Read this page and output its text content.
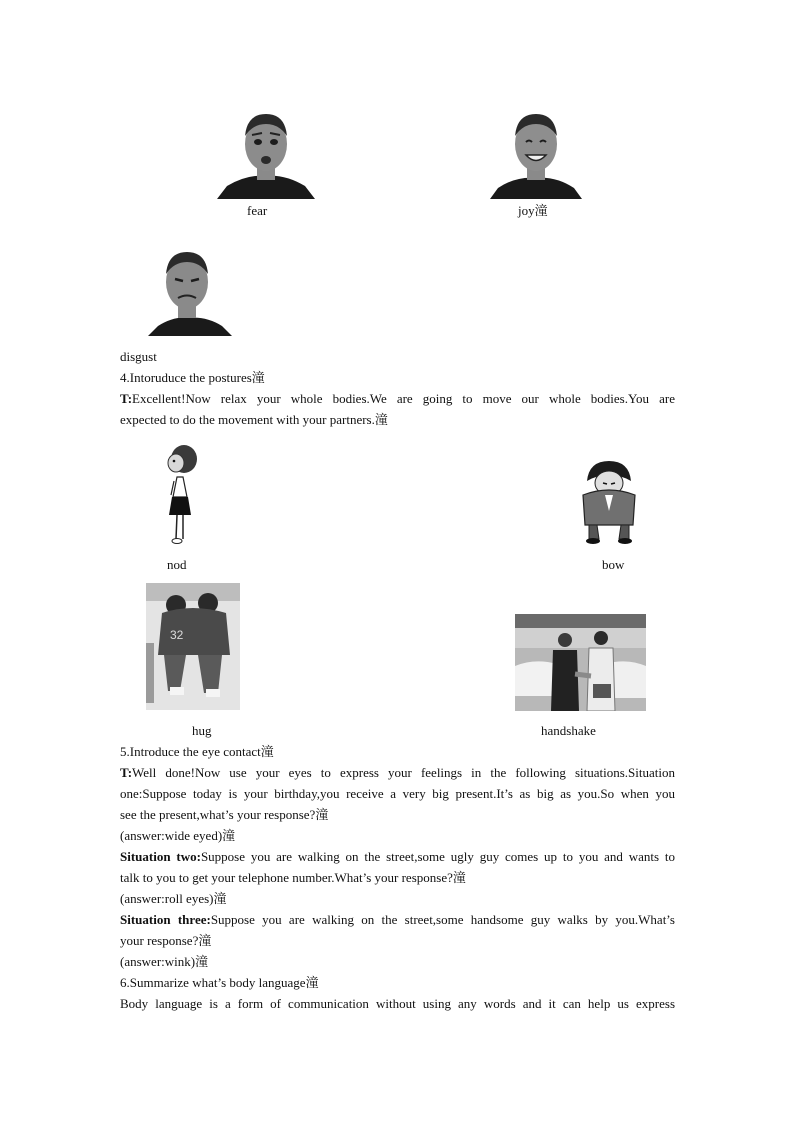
fear	joy潼
disgust
4.Intoruduce the postures潼
T:Excellent!Now relax your whole bodies.We are going to move our whole bodies.You are
expected to do the movement with your partners.潼
nod	bow
32
hug	handshake
5.Introduce the eye contact潼
T:Well done!Now use your eyes to express your feelings in the following situations.Situation
one:Suppose today is your birthday,you receive a very big present.It’s as big as you.So when you
see the present,what’s your response?潼
(answer:wide eyed)潼
Situation two:Suppose you are walking on the street,some ugly guy comes up to you and wants to
talk to you to get your telephone number.What’s your response?潼
(answer:roll eyes)潼
Situation three:Suppose you are walking on the street,some handsome guy walks by you.What’s
your response?潼
(answer:wink)潼
6.Summarize what’s body language潼
Body language is a form of communication without using any words and it can help us express
